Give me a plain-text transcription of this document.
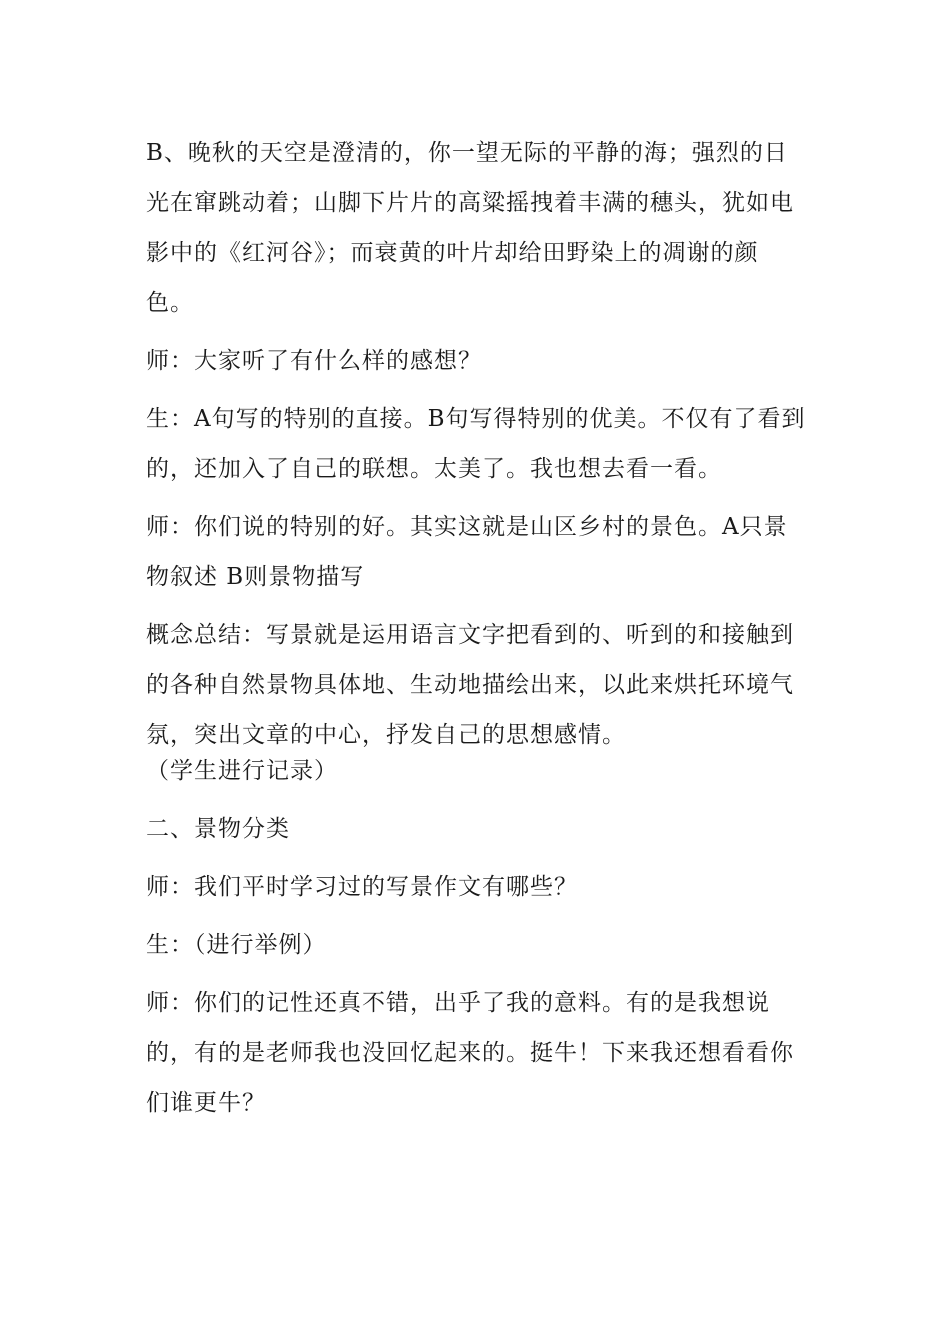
B、晚秋的天空是澄清的，你一望无际的平静的海；强烈的日光在窜跳动着；山脚下片片的高粱摇拽着丰满的穗头，犹如电影中的《红河谷》；而衰黄的叶片却给田野染上的凋谢的颜色。

师：大家听了有什么样的感想？

生：A句写的特别的直接。B句写得特别的优美。不仅有了看到的，还加入了自己的联想。太美了。我也想去看一看。

师：你们说的特别的好。其实这就是山区乡村的景色。A只景物叙述 B则景物描写

概念总结：写景就是运用语言文字把看到的、听到的和接触到的各种自然景物具体地、生动地描绘出来，以此来烘托环境气氛，突出文章的中心，抒发自己的思想感情。

（学生进行记录）

二、景物分类

师：我们平时学习过的写景作文有哪些？

生：（进行举例）

师：你们的记性还真不错，出乎了我的意料。有的是我想说的，有的是老师我也没回忆起来的。挺牛！下来我还想看看你们谁更牛？
